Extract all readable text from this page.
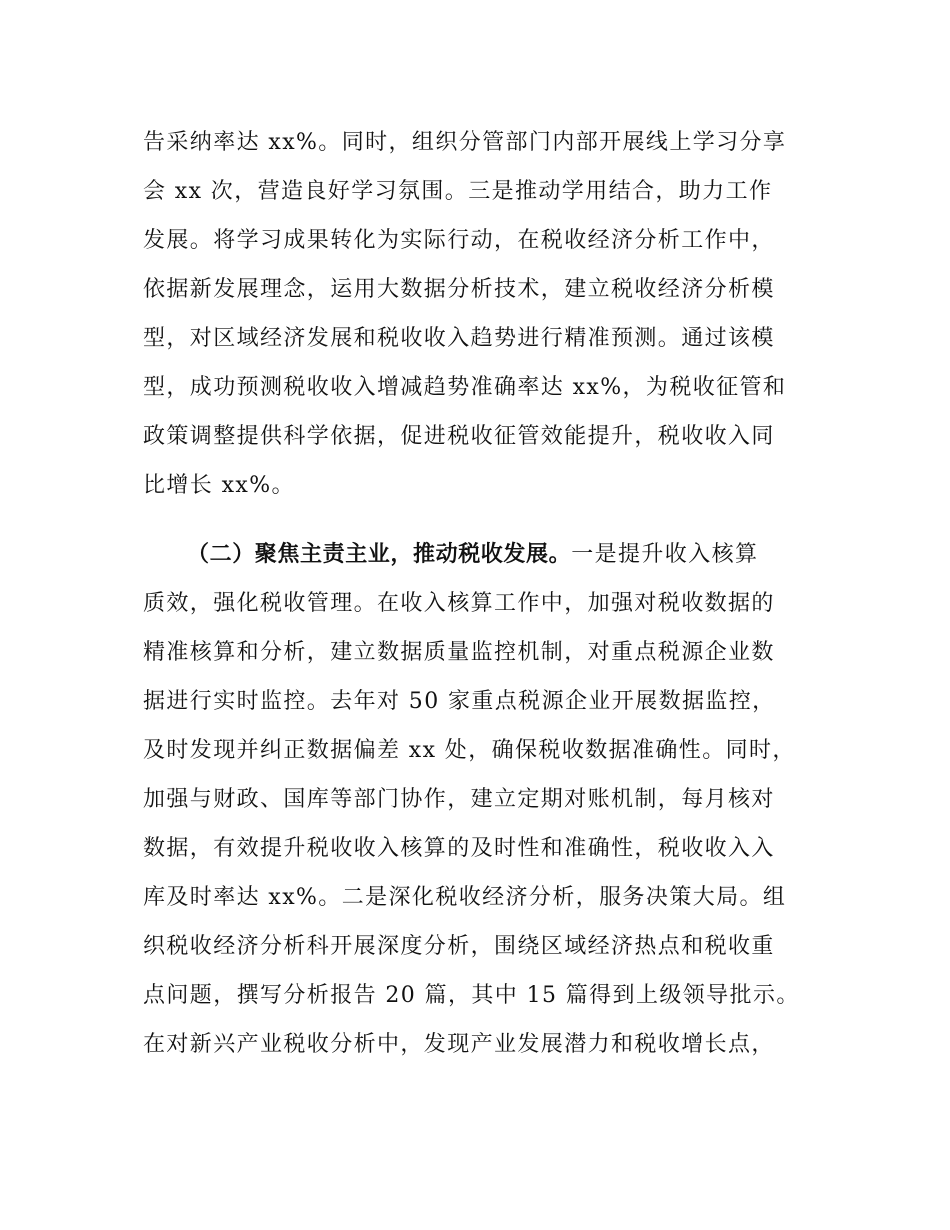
告采纳率达 xx%。同时，组织分管部门内部开展线上学习分享
会 xx 次，营造良好学习氛围。三是推动学用结合，助力工作
发展。将学习成果转化为实际行动，在税收经济分析工作中，
依据新发展理念，运用大数据分析技术，建立税收经济分析模
型，对区域经济发展和税收收入趋势进行精准预测。通过该模
型，成功预测税收收入增减趋势准确率达 xx%，为税收征管和
政策调整提供科学依据，促进税收征管效能提升，税收收入同
比增长 xx%。
（二）聚焦主责主业，推动税收发展。一是提升收入核算
质效，强化税收管理。在收入核算工作中，加强对税收数据的
精准核算和分析，建立数据质量监控机制，对重点税源企业数
据进行实时监控。去年对 50 家重点税源企业开展数据监控，
及时发现并纠正数据偏差 xx 处，确保税收数据准确性。同时，
加强与财政、国库等部门协作，建立定期对账机制，每月核对
数据，有效提升税收收入核算的及时性和准确性，税收收入入
库及时率达 xx%。二是深化税收经济分析，服务决策大局。组
织税收经济分析科开展深度分析，围绕区域经济热点和税收重
点问题，撰写分析报告 20 篇，其中 15 篇得到上级领导批示。
在对新兴产业税收分析中，发现产业发展潜力和税收增长点，
